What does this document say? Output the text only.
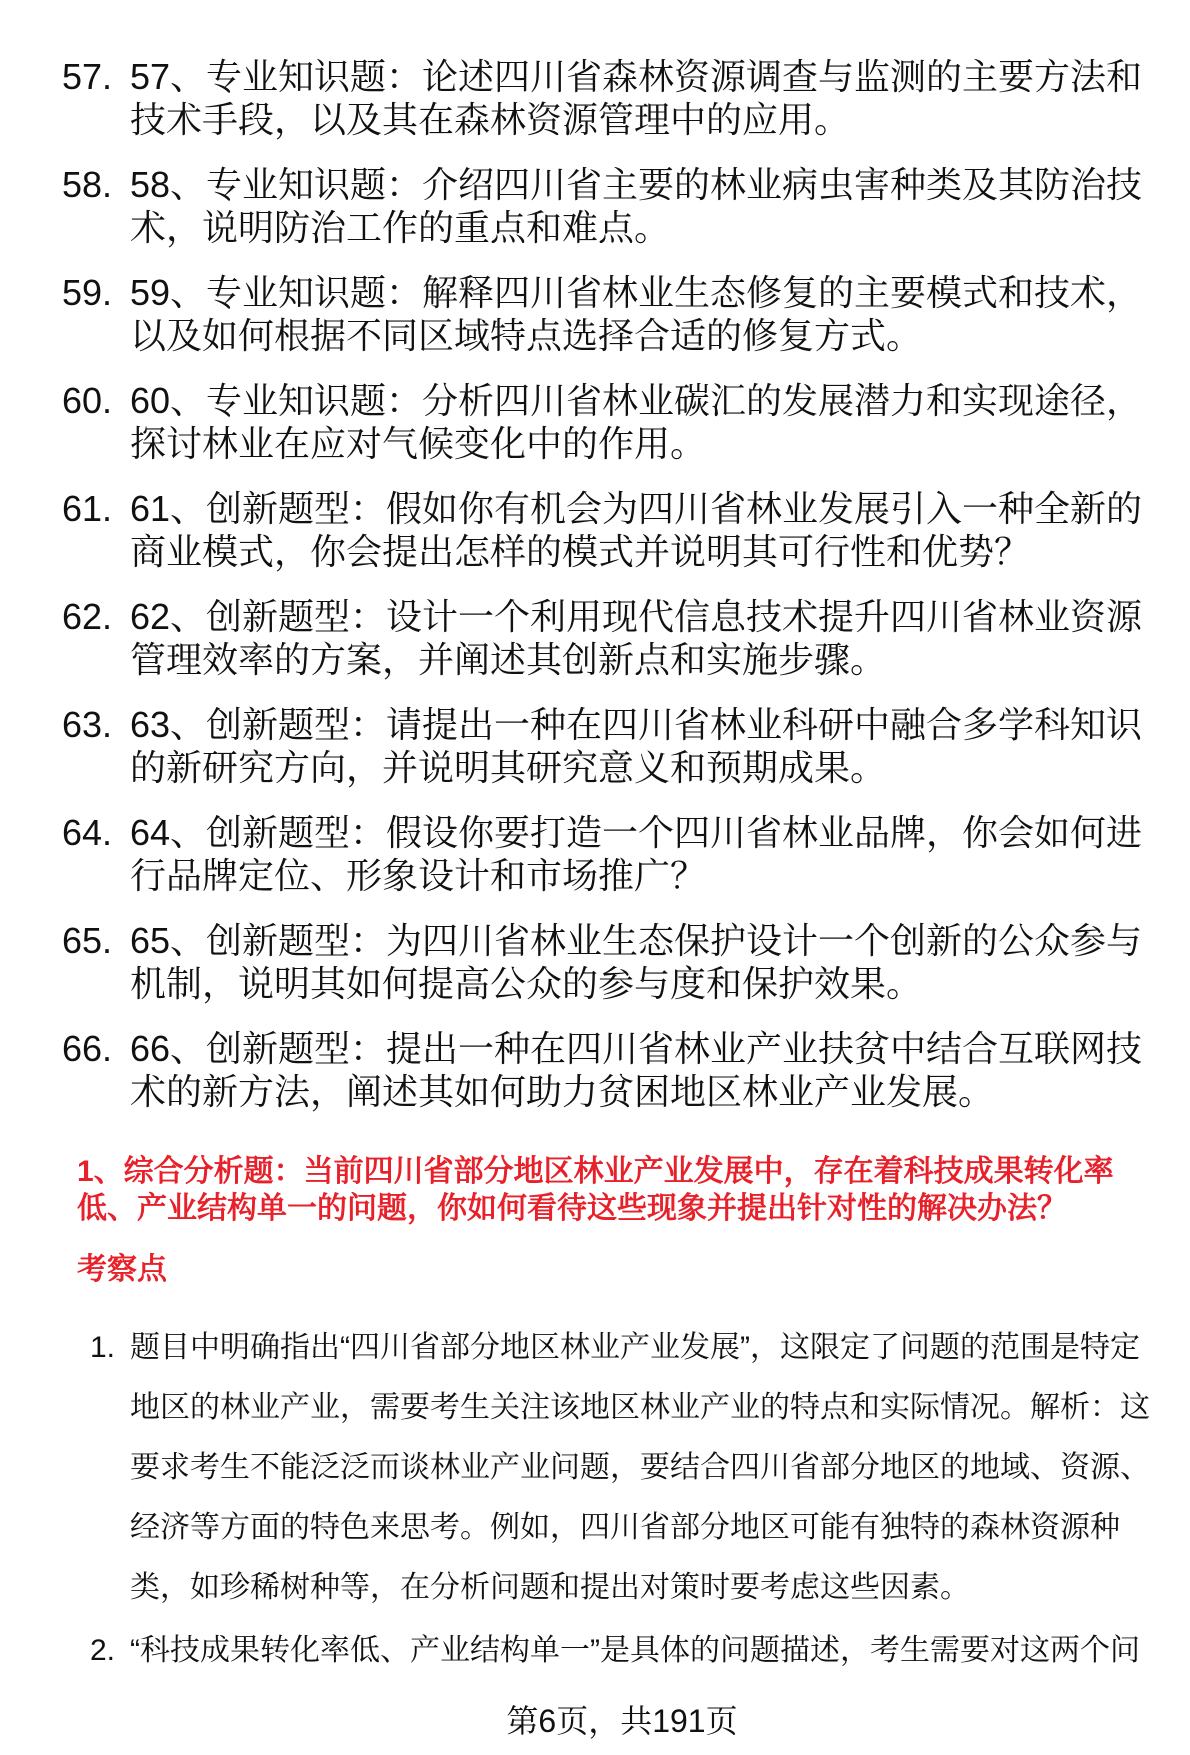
57. 57、专业知识题：论述四川省森林资源调查与监测的主要方法和技术手段，以及其在森林资源管理中的应用。
58. 58、专业知识题：介绍四川省主要的林业病虫害种类及其防治技术，说明防治工作的重点和难点。
59. 59、专业知识题：解释四川省林业生态修复的主要模式和技术，以及如何根据不同区域特点选择合适的修复方式。
60. 60、专业知识题：分析四川省林业碳汇的发展潜力和实现途径，探讨林业在应对气候变化中的作用。
61. 61、创新题型：假如你有机会为四川省林业发展引入一种全新的商业模式，你会提出怎样的模式并说明其可行性和优势？
62. 62、创新题型：设计一个利用现代信息技术提升四川省林业资源管理效率的方案，并阐述其创新点和实施步骤。
63. 63、创新题型：请提出一种在四川省林业科研中融合多学科知识的新研究方向，并说明其研究意义和预期成果。
64. 64、创新题型：假设你要打造一个四川省林业品牌，你会如何进行品牌定位、形象设计和市场推广？
65. 65、创新题型：为四川省林业生态保护设计一个创新的公众参与机制，说明其如何提高公众的参与度和保护效果。
66. 66、创新题型：提出一种在四川省林业产业扶贫中结合互联网技术的新方法，阐述其如何助力贫困地区林业产业发展。
1、综合分析题：当前四川省部分地区林业产业发展中，存在着科技成果转化率低、产业结构单一的问题，你如何看待这些现象并提出针对性的解决办法？
考察点
1. 题目中明确指出“四川省部分地区林业产业发展”，这限定了问题的范围是特定地区的林业产业，需要考生关注该地区林业产业的特点和实际情况。解析：这要求考生不能泛泛而谈林业产业问题，要结合四川省部分地区的地域、资源、经济等方面的特色来思考。例如，四川省部分地区可能有独特的森林资源种类，如珍稀树种等，在分析问题和提出对策时要考虑这些因素。
2. “科技成果转化率低、产业结构单一”是具体的问题描述，考生需要对这两个问
第6页，共191页
